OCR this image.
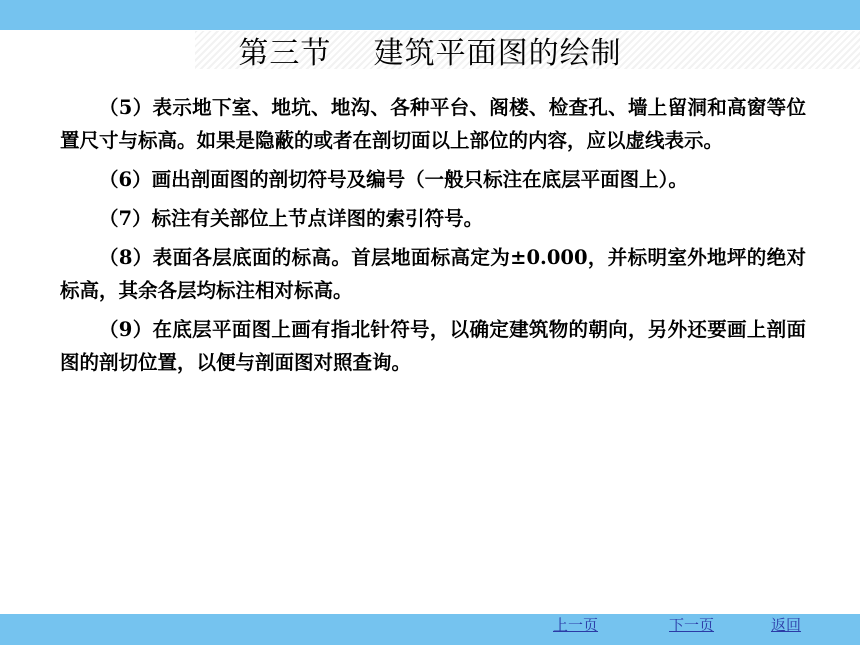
第三节    建筑平面图的绘制

（5）表示地下室、地坑、地沟、各种平台、阁楼、检查孔、墙上留洞和高窗等位置尺寸与标高。如果是隐蔽的或者在剖切面以上部位的内容，应以虚线表示。

（6）画出剖面图的剖切符号及编号（一般只标注在底层平面图上）。

（7）标注有关部位上节点详图的索引符号。

（8）表面各层底面的标高。首层地面标高定为±0.000，并标明室外地坪的绝对标高，其余各层均标注相对标高。

（9）在底层平面图上画有指北针符号，以确定建筑物的朝向，另外还要画上剖面图的剖切位置，以便与剖面图对照查询。

上一页	下一页	返回
